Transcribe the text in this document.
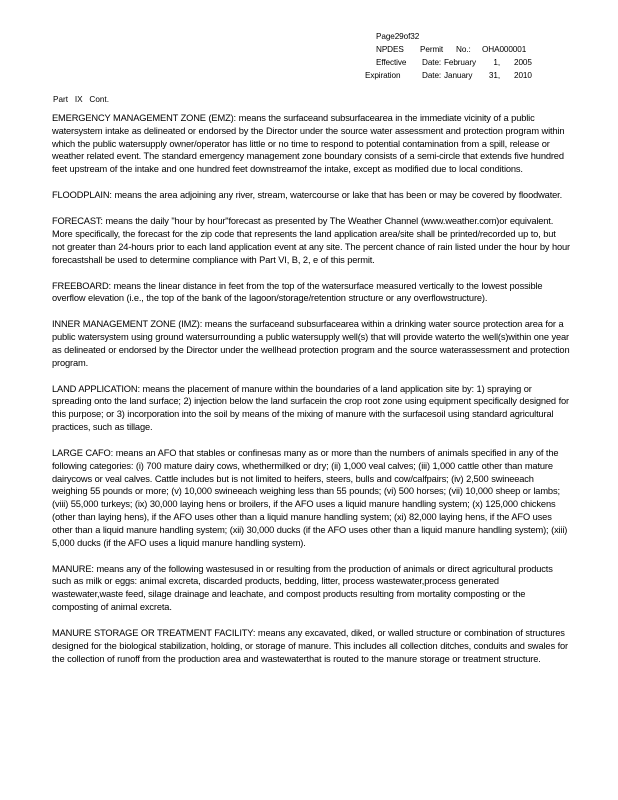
Page29of32
NPDES	Permit	No.:	OHA000001
Effective	Date: February	1,	2005
Expiration	Date: January	31,	2010
Part   IX   Cont.

EMERGENCY MANAGEMENT ZONE (EMZ): means the surfaceand subsurfacearea in the immediate vicinity of a public watersystem intake as delineated or endorsed by the Director under the source water assessment and protection program within which the public watersupply owner/operator has little or no time to respond to potential contamination from a spill, release or weather related event. The standard emergency management zone boundary consists of a semi-circle that extends five hundred feet upstream of the intake and one hundred feet downstreamof the intake, except as modified due to local conditions.

FLOODPLAIN: means the area adjoining any river, stream, watercourse or lake that has been or may be covered by floodwater.

FORECAST: means the daily "hour by hour"forecast as presented by The Weather Channel (www.weather.com)or equivalent. More specifically, the forecast for the zip code that represents the land application area/site shall be printed/recorded up to, but not greater than 24-hours prior to each land application event at any site. The percent chance of rain listed under the hour by hour forecastshall be used to determine compliance with Part VI, B, 2, e of this permit.

FREEBOARD: means the linear distance in feet from the top of the watersurface measured vertically to the lowest possible overflow elevation (i.e., the top of the bank of the lagoon/storage/retention structure or any overflowstructure).

INNER MANAGEMENT ZONE (IMZ): means the surfaceand subsurfacearea within a drinking water source protection area for a public watersystem using ground watersurrounding a public watersupply well(s) that will provide waterto the well(s)within one year as delineated or endorsed by the Director under the wellhead protection program and the source waterassessment and protection program.

LAND APPLICATION: means the placement of manure within the boundaries of a land application site by: 1) spraying or spreading onto the land surface; 2) injection below the land surfacein the crop root zone using equipment specifically designed for this purpose; or 3) incorporation into the soil by means of the mixing of manure with the surfacesoil using standard agricultural practices, such as tillage.

LARGE CAFO: means an AFO that stables or confinesas many as or more than the numbers of animals specified in any of the following categories: (i) 700 mature dairy cows, whethermilked or dry; (ii) 1,000 veal calves; (iii) 1,000 cattle other than mature dairycows or veal calves. Cattle includes but is not limited to heifers, steers, bulls and cow/calfpairs; (iv) 2,500 swineeach weighing 55 pounds or more; (v) 10,000 swineeach weighing less than 55 pounds; (vi) 500 horses; (vii) 10,000 sheep or lambs; (viii) 55,000 turkeys; (ix) 30,000 laying hens or broilers, if the AFO uses a liquid manure handling system; (x) 125,000 chickens (other than laying hens), if the AFO uses other than a liquid manure handling system; (xi) 82,000 laying hens, if the AFO uses other than a liquid manure handling system; (xii) 30,000 ducks (if the AFO uses other than a liquid manure handling system); (xiii) 5,000 ducks (if the AFO uses a liquid manure handling system).

MANURE: means any of the following wastesused in or resulting from the production of animals or direct agricultural products such as milk or eggs: animal excreta, discarded products, bedding, litter, process wastewater,process generated wastewater,waste feed, silage drainage and leachate, and compost products resulting from mortality composting or the composting of animal excreta.

MANURE STORAGE OR TREATMENT FACILITY: means any excavated, diked, or walled structure or combination of structures designed for the biological stabilization, holding, or storage of manure. This includes all collection ditches, conduits and swales for the collection of runoff from the production area and wastewaterthat is routed to the manure storage or treatment structure.
